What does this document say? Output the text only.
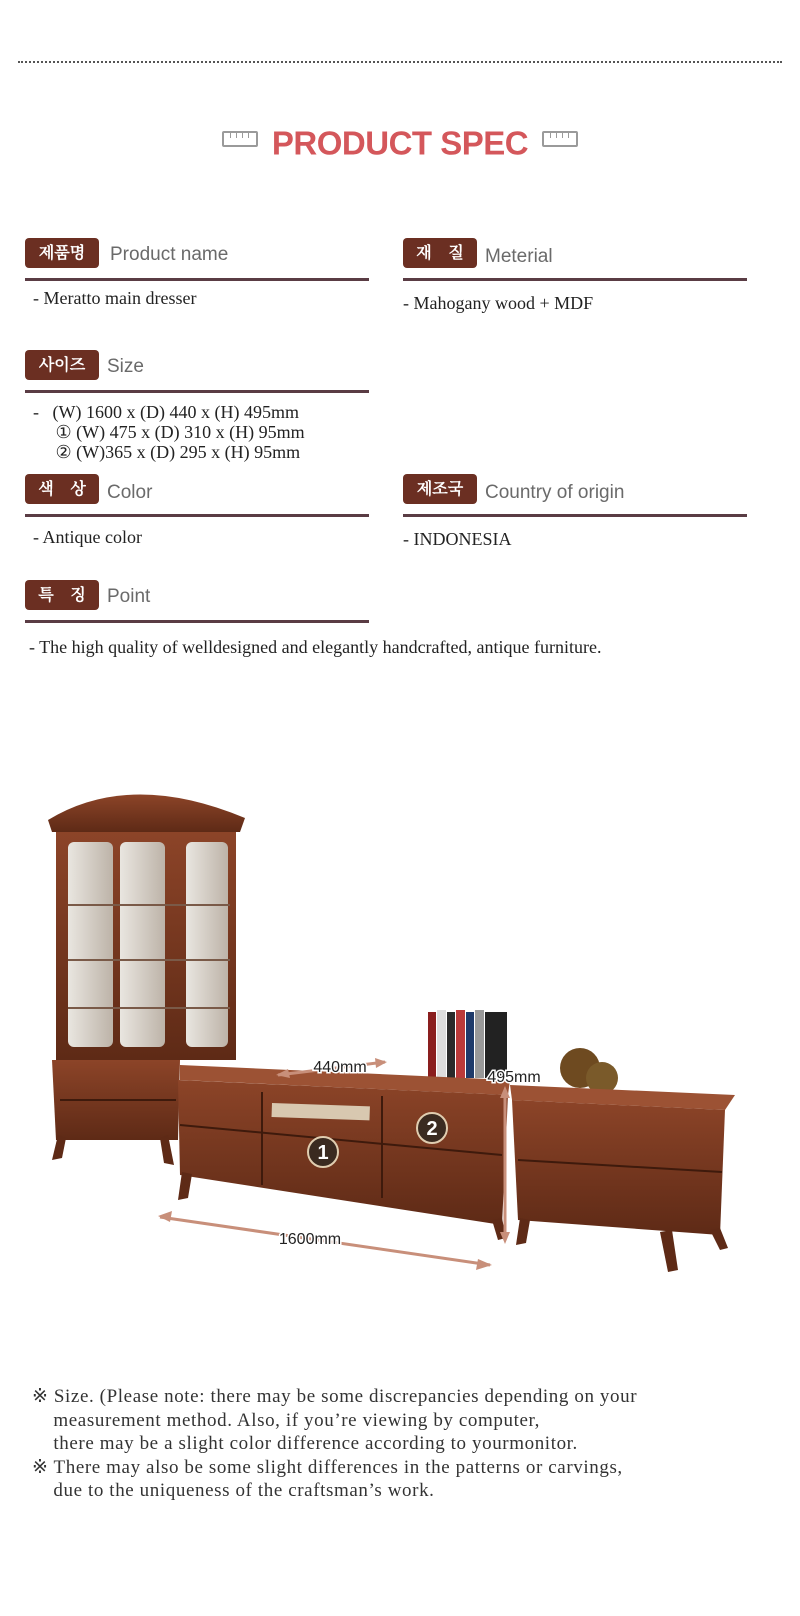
PRODUCT SPEC
제품명	Product name
- Meratto main dresser
재   질	Meterial
- Mahogany wood + MDF
사이즈	Size
-   (W) 1600 x (D) 440 x (H) 495mm
① (W) 475 x (D) 310 x (H) 95mm
② (W)365 x (D) 295 x (H) 95mm
색   상	Color
- Antique color
제조국	Country of origin
- INDONESIA
특   징	Point
- The high quality of welldesigned and elegantly handcrafted, antique furniture.
1
2
440mm
495mm
1600mm
※ Size. (Please note: there may be some discrepancies depending on your
measurement method. Also, if you’re viewing by computer,
there may be a slight color difference according to yourmonitor.
※ There may also be some slight differences in the patterns or carvings,
due to the uniqueness of the craftsman’s work.
